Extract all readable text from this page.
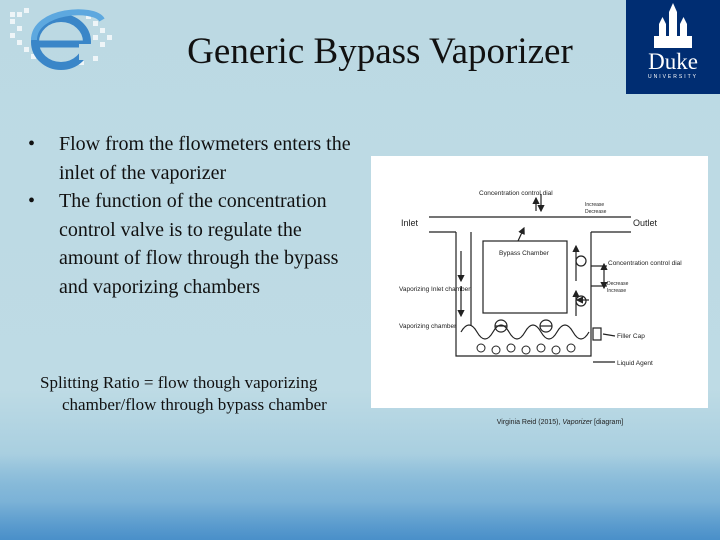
Generic Bypass Vaporizer	Duke
UNIVERSITY
• Flow from the flowmeters enters the inlet of the vaporizer
• The function of the concentration control valve is to regulate the amount of flow through the bypass and vaporizing chambers
Splitting Ratio = flow though vaporizing
chamber/flow through bypass chamber
Concentration control dial
Increase
Decrease
Inlet	Outlet
Bypass Chamber
Concentration control dial
Vaporizing Inlet chamber
Decrease
Increase
Vaporizing chamber
Filler Cap
Liquid Agent
Virginia Reid (2015), Vaporizer [diagram]
